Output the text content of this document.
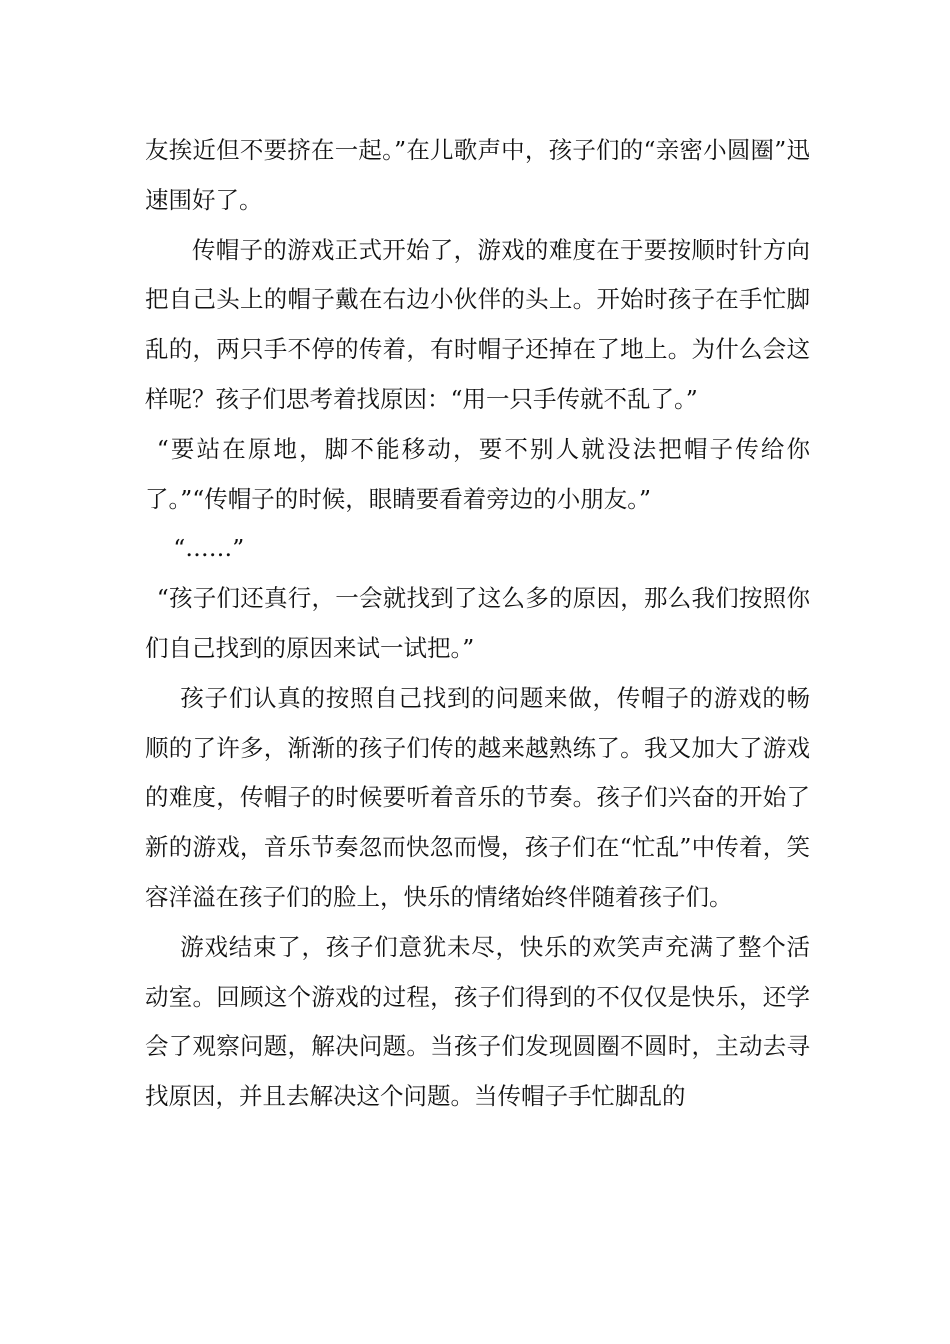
友挨近但不要挤在一起。”在儿歌声中，孩子们的“亲密小圆圈”迅速围好了。

传帽子的游戏正式开始了，游戏的难度在于要按顺时针方向把自己头上的帽子戴在右边小伙伴的头上。开始时孩子在手忙脚乱的，两只手不停的传着，有时帽子还掉在了地上。为什么会这样呢？孩子们思考着找原因：“用一只手传就不乱了。”

“要站在原地，脚不能移动，要不别人就没法把帽子传给你了。”“传帽子的时候，眼睛要看着旁边的小朋友。”

“……”

“孩子们还真行，一会就找到了这么多的原因，那么我们按照你们自己找到的原因来试一试把。”

孩子们认真的按照自己找到的问题来做，传帽子的游戏的畅顺的了许多，渐渐的孩子们传的越来越熟练了。我又加大了游戏的难度，传帽子的时候要听着音乐的节奏。孩子们兴奋的开始了新的游戏，音乐节奏忽而快忽而慢，孩子们在“忙乱”中传着，笑容洋溢在孩子们的脸上，快乐的情绪始终伴随着孩子们。

游戏结束了，孩子们意犹未尽，快乐的欢笑声充满了整个活动室。回顾这个游戏的过程，孩子们得到的不仅仅是快乐，还学会了观察问题，解决问题。当孩子们发现圆圈不圆时，主动去寻找原因，并且去解决这个问题。当传帽子手忙脚乱的
